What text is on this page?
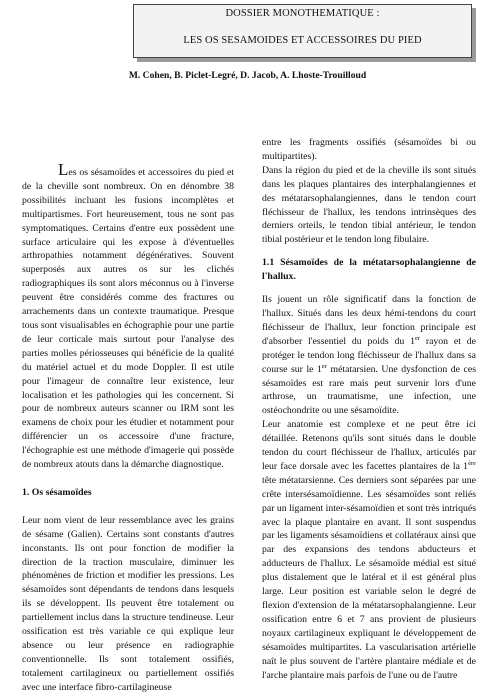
DOSSIER MONOTHEMATIQUE :
LES OS SESAMOIDES ET ACCESSOIRES DU PIED
M. Cohen, B. Piclet-Legré, D. Jacob, A. Lhoste-Trouilloud

Les os sésamoïdes et accessoires du pied et de la cheville sont nombreux. On en dénombre 38 possibilités incluant les fusions incomplètes et multipartismes. Fort heureusement, tous ne sont pas symptomatiques. Certains d'entre eux possèdent une surface articulaire qui les expose à d'éventuelles arthropathies notamment dégénératives. Souvent superposés aux autres os sur les clichés radiographiques ils sont alors méconnus ou à l'inverse peuvent être considérés comme des fractures ou arrachements dans un contexte traumatique. Presque tous sont visualisables en échographie pour une partie de leur corticale mais surtout pour l'analyse des parties molles périosseuses qui bénéficie de la qualité du matériel actuel et du mode Doppler. Il est utile pour l'imageur de connaître leur existence, leur localisation et les pathologies qui les concernent. Si pour de nombreux auteurs scanner ou IRM sont les examens de choix pour les étudier et notamment pour différencier un os accessoire d'une fracture, l'échographie est une méthode d'imagerie qui possède de nombreux atouts dans la démarche diagnostique.

1. Os sésamoïdes

Leur nom vient de leur ressemblance avec les grains de sésame (Galien). Certains sont constants d'autres inconstants. Ils ont pour fonction de modifier la direction de la traction musculaire, diminuer les phénomènes de friction et modifier les pressions. Les sésamoïdes sont dépendants de tendons dans lesquels ils se développent. Ils peuvent être totalement ou partiellement inclus dans la structure tendineuse. Leur ossification est très variable ce qui explique leur absence ou leur présence en radiographie conventionnelle. Ils sont totalement ossifiés, totalement cartilagineux ou partiellement ossifiés avec une interface fibro-cartilagineuse

entre les fragments ossifiés (sésamoïdes bi ou multipartites).

Dans la région du pied et de la cheville ils sont situés dans les plaques plantaires des interphalangiennes et des métatarsophalangiennes, dans le tendon court fléchisseur de l'hallux, les tendons intrinsèques des derniers orteils, le tendon tibial antérieur, le tendon tibial postérieur et le tendon long fibulaire.

1.1 Sésamoïdes de la métatarsophalangienne de l'hallux.

Ils jouent un rôle significatif dans la fonction de l'hallux. Situés dans les deux hémi-tendons du court fléchisseur de l'hallux, leur fonction principale est d'absorber l'essentiel du poids du 1er rayon et de protéger le tendon long fléchisseur de l'hallux dans sa course sur le 1er métatarsien. Une dysfonction de ces sésamoïdes est rare mais peut survenir lors d'une arthrose, un traumatisme, une infection, une ostéochondrite ou une sésamoïdite.

Leur anatomie est complexe et ne peut être ici détaillée. Retenons qu'ils sont situés dans le double tendon du court fléchisseur de l'hallux, articulés par leur face dorsale avec les facettes plantaires de la 1ère tête métatarsienne. Ces derniers sont séparées par une crête intersésamoïdienne. Les sésamoïdes sont reliés par un ligament inter-sésamoïdien et sont très intriqués avec la plaque plantaire en avant. Il sont suspendus par les ligaments sésamoïdiens et collatéraux ainsi que par des expansions des tendons abducteurs et adducteurs de l'hallux. Le sésamoïde médial est situé plus distalement que le latéral et il est général plus large. Leur position est variable selon le degré de flexion d'extension de la métatarsophalangienne. Leur ossification entre 6 et 7 ans provient de plusieurs noyaux cartilagineux expliquant le développement de sésamoïdes multipartites. La vascularisation artérielle naît le plus souvent de l'artère plantaire médiale et de l'arche plantaire mais parfois de l'une ou de l'autre
